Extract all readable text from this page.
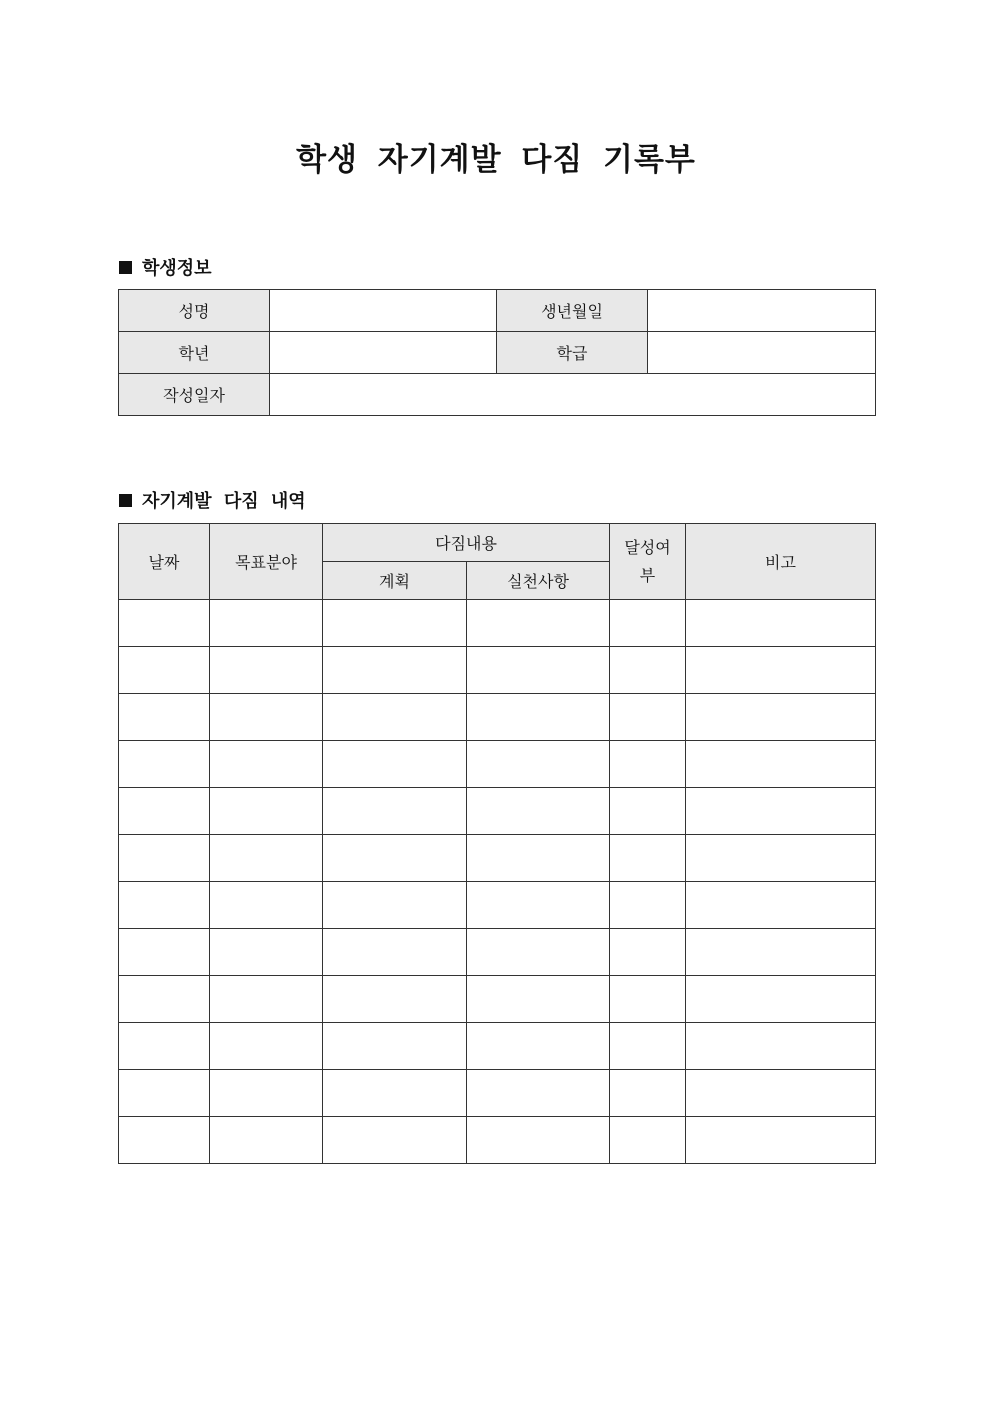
학생 자기계발 다짐 기록부
학생정보
성명		생년월일	
학년		학급	
작성일자			
자기계발 다짐 내역
날짜	목표분야	다짐내용		달성여부	비고
		계획	실천사항		
